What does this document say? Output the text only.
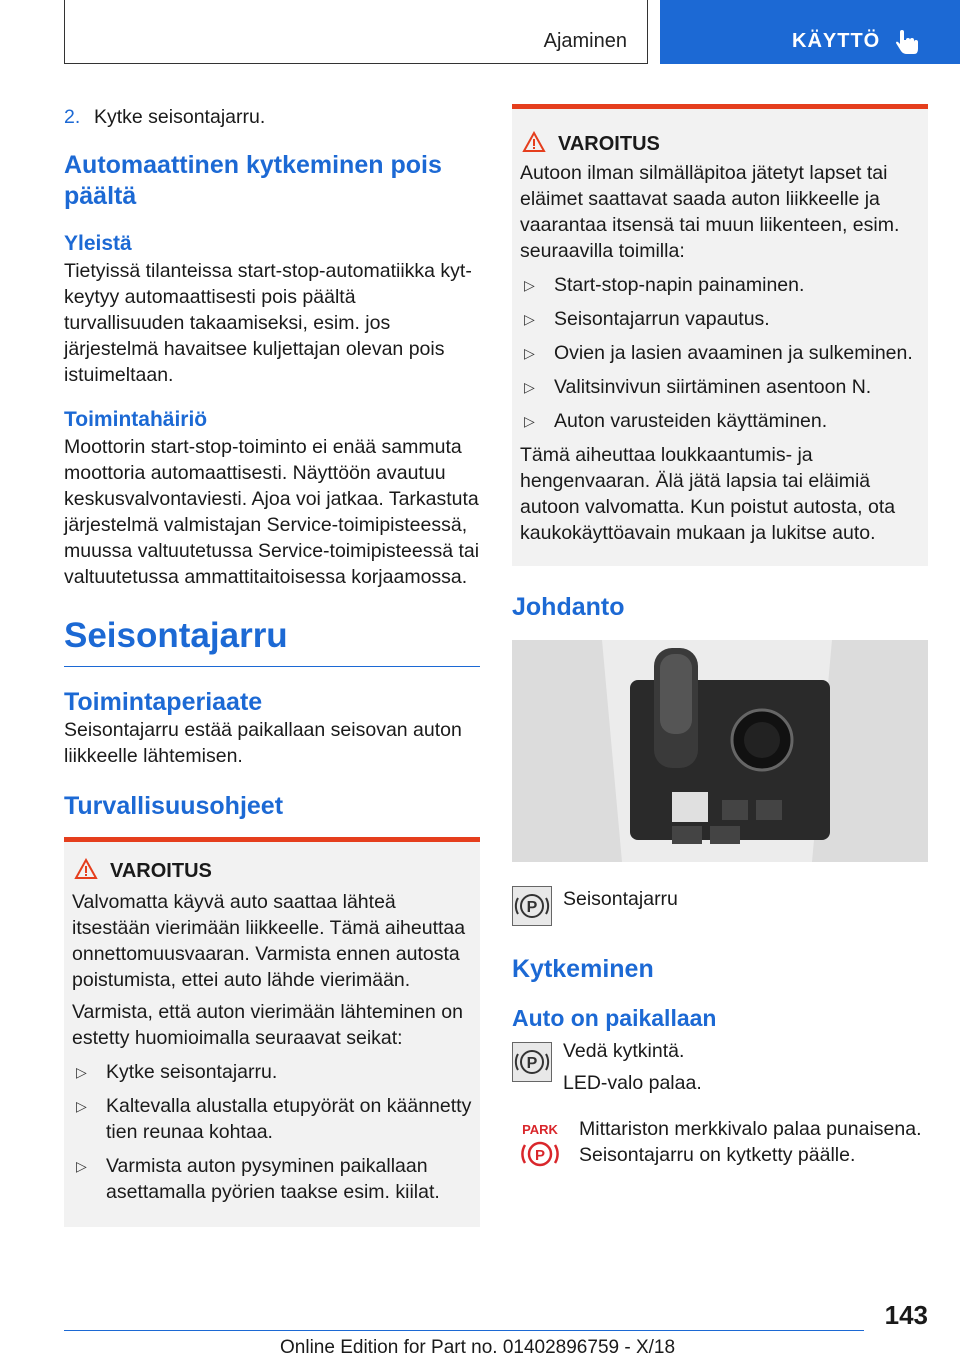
Ajaminen	KÄYTTÖ
2. Kytke seisontajarru.

Automaattinen kytkeminen pois päältä

Yleistä

Tietyissä tilanteissa start-stop-automatiikka kytkeytyy automaattisesti pois päältä turvallisuuden takaamiseksi, esim. jos järjestelmä havaitsee kuljettajan olevan pois istuimeltaan.

Toimintahäiriö

Moottorin start-stop-toiminto ei enää sammuta moottoria automaattisesti. Näyttöön avautuu keskusvalvontaviesti. Ajoa voi jatkaa. Tarkastuta järjestelmä valmistajan Service-toimipisteessä, muussa valtuutetussa Service-toimipisteessä tai valtuutetussa ammattitaitoisessa korjaamossa.

Seisontajarru

Toimintaperiaate

Seisontajarru estää paikallaan seisovan auton liikkeelle lähtemisen.

Turvallisuusohjeet

VAROITUS

Valvomatta käyvä auto saattaa lähteä itsestään vierimään liikkeelle. Tämä aiheuttaa onnettomuusvaaran. Varmista ennen autosta poistumista, ettei auto lähde vierimään.

Varmista, että auton vierimään lähteminen on estetty huomioimalla seuraavat seikat:

▷ Kytke seisontajarru.
▷ Kaltevalla alustalla etupyörät on käännetty tien reunaa kohtaa.
▷ Varmista auton pysyminen paikallaan asettamalla pyörien taakse esim. kiilat.
VAROITUS

Autoon ilman silmälläpitoa jätetyt lapset tai eläimet saattavat saada auton liikkeelle ja vaarantaa itsensä tai muun liikenteen, esim. seuraavilla toimilla:

▷ Start-stop-napin painaminen.
▷ Seisontajarrun vapautus.
▷ Ovien ja lasien avaaminen ja sulkeminen.
▷ Valitsinvivun siirtäminen asentoon N.
▷ Auton varusteiden käyttäminen.

Tämä aiheuttaa loukkaantumis- ja hengenvaaran. Älä jätä lapsia tai eläimiä autoon valvomatta. Kun poistut autosta, ota kaukokäyttöavain mukaan ja lukitse auto.

Johdanto

P Seisontajarru

Kytkeminen

Auto on paikallaan

P

Vedä kytkintä.

LED-valo palaa.

PARK
P

Mittariston merkkivalo palaa punaisena. Seisontajarru on kytketty päälle.

143
Online Edition for Part no. 01402896759 - X/18
